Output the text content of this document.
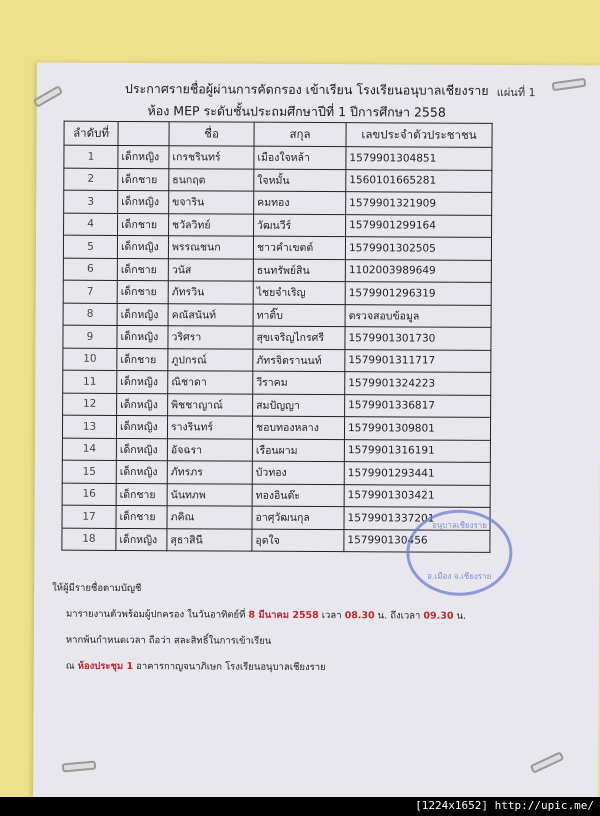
ประกาศรายชื่อผู้ผ่านการคัดกรอง เข้าเรียน โรงเรียนอนุบาลเชียงราย
ห้อง MEP ระดับชั้นประถมศึกษาปีที่ 1 ปีการศึกษา 2558
แผ่นที่ 1
ลำดับที่		ชื่อ	สกุล	เลขประจำตัวประชาชน
1	เด็กหญิง	เกรชรินทร์	เมืองใจหล้า	1579901304851
2	เด็กชาย	ธนกฤต	ใจหมั้น	1560101665281
3	เด็กหญิง	ขจาริน	คมทอง	1579901321909
4	เด็กชาย	ชวัลวิทย์	วัฒนวีร์	1579901299164
5	เด็กหญิง	พรรณชนก	ชาวคำเขตต์	1579901302505
6	เด็กชาย	วนัส	ธนทรัพย์สิน	1102003989649
7	เด็กชาย	ภัทรวิน	ไชยจำเริญ	1579901296319
8	เด็กหญิง	คณัสนันท์	ทาติ๊บ	ตรวจสอบข้อมูล
9	เด็กหญิง	วริศรา	สุขเจริญไกรศรี	1579901301730
10	เด็กชาย	ภูปกรณ์	ภัทรจิตรานนท์	1579901311717
11	เด็กหญิง	ณิชาดา	วีราคม	1579901324223
12	เด็กหญิง	พิชชาญาณ์	สมปัญญา	1579901336817
13	เด็กหญิง	รางรินทร์	ชอบทองหลาง	1579901309801
14	เด็กหญิง	อัจฉรา	เรือนผาม	1579901316191
15	เด็กหญิง	ภัทรภร	บัวทอง	1579901293441
16	เด็กชาย	นันทภพ	ทองอินต๊ะ	1579901303421
17	เด็กชาย	ภคิณ	อาศุวัฒนกุล	1579901337201
18	เด็กหญิง	สุธาสินี	อุดใจ	157990130456
อนุบาลเชียงราย
อ.เมือง จ.เชียงราย
ให้ผู้มีรายชื่อตามบัญชี
มารายงานตัวพร้อมผู้ปกครอง ในวันอาทิตย์ที่ 8 มีนาคม 2558 เวลา 08.30 น. ถึงเวลา 09.30 น.
หากพ้นกำหนดเวลา ถือว่า สละสิทธิ์ในการเข้าเรียน
ณ ห้องประชุม 1 อาคารกาญจนาภิเษก โรงเรียนอนุบาลเชียงราย
[1224x1652] http://upic.me/
